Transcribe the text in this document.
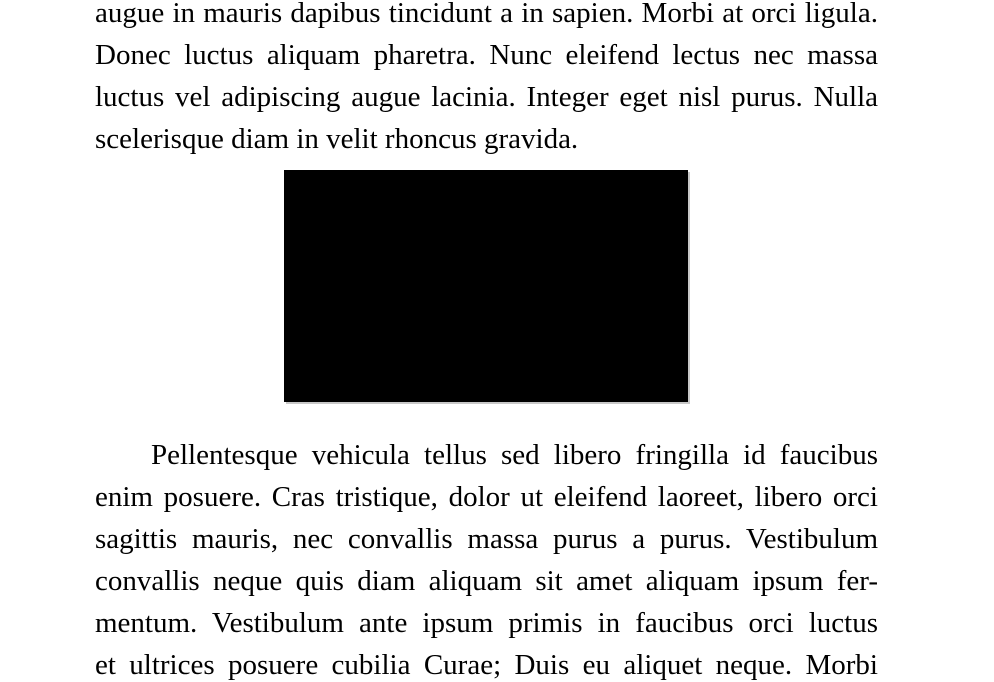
augue in mauris dapibus tincidunt a in sapien. Morbi at orci ligula.
Donec luctus aliquam pharetra. Nunc eleifend lectus nec massa
luctus vel adipiscing augue lacinia. Integer eget nisl purus. Nulla
scelerisque diam in velit rhoncus gravida.
Pellentesque vehicula tellus sed libero fringilla id faucibus
enim posuere. Cras tristique, dolor ut eleifend laoreet, libero orci
sagittis mauris, nec convallis massa purus a purus. Vestibulum
convallis neque quis diam aliquam sit amet aliquam ipsum fer-
mentum. Vestibulum ante ipsum primis in faucibus orci luctus
et ultrices posuere cubilia Curae; Duis eu aliquet neque. Morbi
